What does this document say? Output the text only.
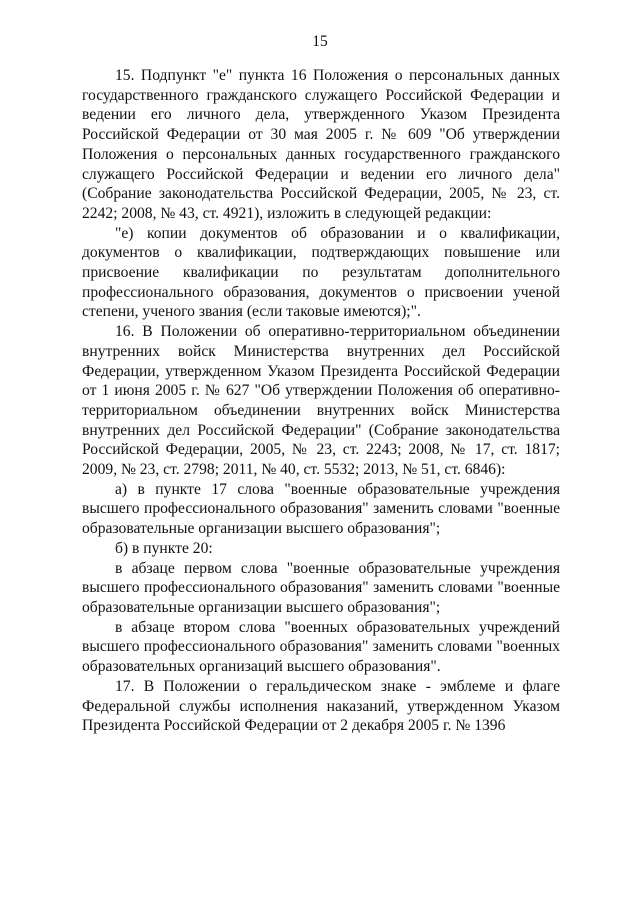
15

15. Подпункт "е" пункта 16 Положения о персональных данных государственного гражданского служащего Российской Федерации и ведении его личного дела, утвержденного Указом Президента Российской Федерации от 30 мая 2005 г. № 609 "Об утверждении Положения о персональных данных государственного гражданского служащего Российской Федерации и ведении его личного дела" (Собрание законодательства Российской Федерации, 2005, № 23, ст. 2242; 2008, № 43, ст. 4921), изложить в следующей редакции:

"е) копии документов об образовании и о квалификации, документов о квалификации, подтверждающих повышение или присвоение квалификации по результатам дополнительного профессионального образования, документов о присвоении ученой степени, ученого звания (если таковые имеются);".

16. В Положении об оперативно-территориальном объединении внутренних войск Министерства внутренних дел Российской Федерации, утвержденном Указом Президента Российской Федерации от 1 июня 2005 г. № 627 "Об утверждении Положения об оперативно-территориальном объединении внутренних войск Министерства внутренних дел Российской Федерации" (Собрание законодательства Российской Федерации, 2005, № 23, ст. 2243; 2008, № 17, ст. 1817; 2009, № 23, ст. 2798; 2011, № 40, ст. 5532; 2013, № 51, ст. 6846):

а) в пункте 17 слова "военные образовательные учреждения высшего профессионального образования" заменить словами "военные образовательные организации высшего образования";

б) в пункте 20:

в абзаце первом слова "военные образовательные учреждения высшего профессионального образования" заменить словами "военные образовательные организации высшего образования";

в абзаце втором слова "военных образовательных учреждений высшего профессионального образования" заменить словами "военных образовательных организаций высшего образования".

17. В Положении о геральдическом знаке - эмблеме и флаге Федеральной службы исполнения наказаний, утвержденном Указом Президента Российской Федерации от 2 декабря 2005 г. № 1396
